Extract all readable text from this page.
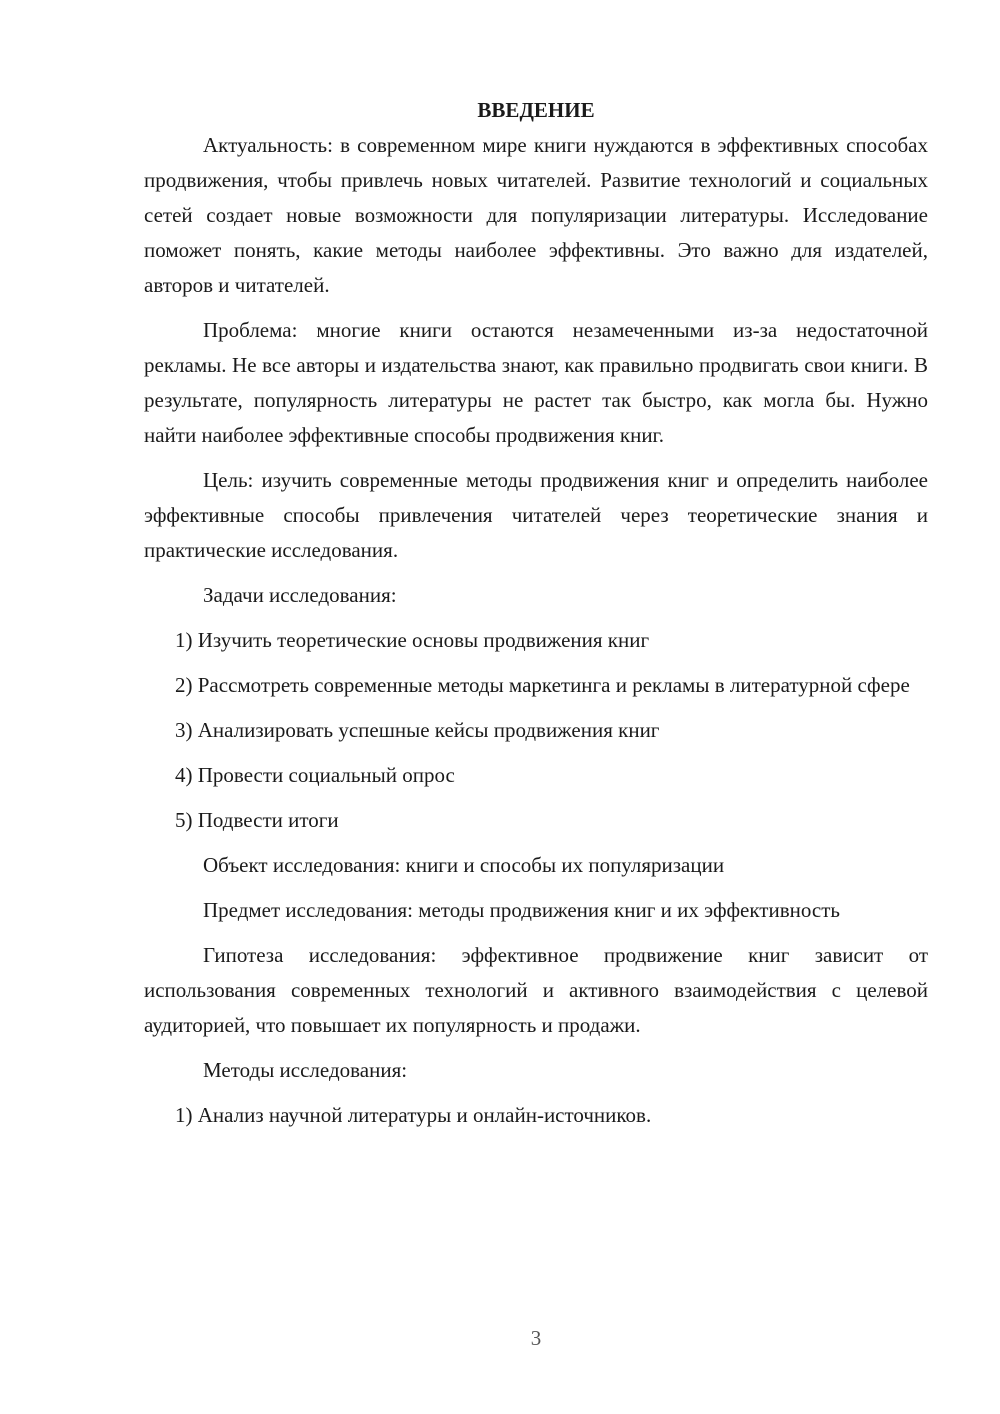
ВВЕДЕНИЕ

Актуальность: в современном мире книги нуждаются в эффективных способах продвижения, чтобы привлечь новых читателей. Развитие технологий и социальных сетей создает новые возможности для популяризации литературы. Исследование поможет понять, какие методы наиболее эффективны. Это важно для издателей, авторов и читателей.

Проблема: многие книги остаются незамеченными из-за недостаточной рекламы. Не все авторы и издательства знают, как правильно продвигать свои книги. В результате, популярность литературы не растет так быстро, как могла бы. Нужно найти наиболее эффективные способы продвижения книг.

Цель: изучить современные методы продвижения книг и определить наиболее эффективные способы привлечения читателей через теоретические знания и практические исследования.

Задачи исследования:

1) Изучить теоретические основы продвижения книг

2) Рассмотреть современные методы маркетинга и рекламы в литературной сфере

3) Анализировать успешные кейсы продвижения книг

4) Провести социальный опрос

5) Подвести итоги

Объект исследования: книги и способы их популяризации

Предмет исследования: методы продвижения книг и их эффективность

Гипотеза исследования: эффективное продвижение книг зависит от использования современных технологий и активного взаимодействия с целевой аудиторией, что повышает их популярность и продажи.

Методы исследования:

1) Анализ научной литературы и онлайн-источников.

3
